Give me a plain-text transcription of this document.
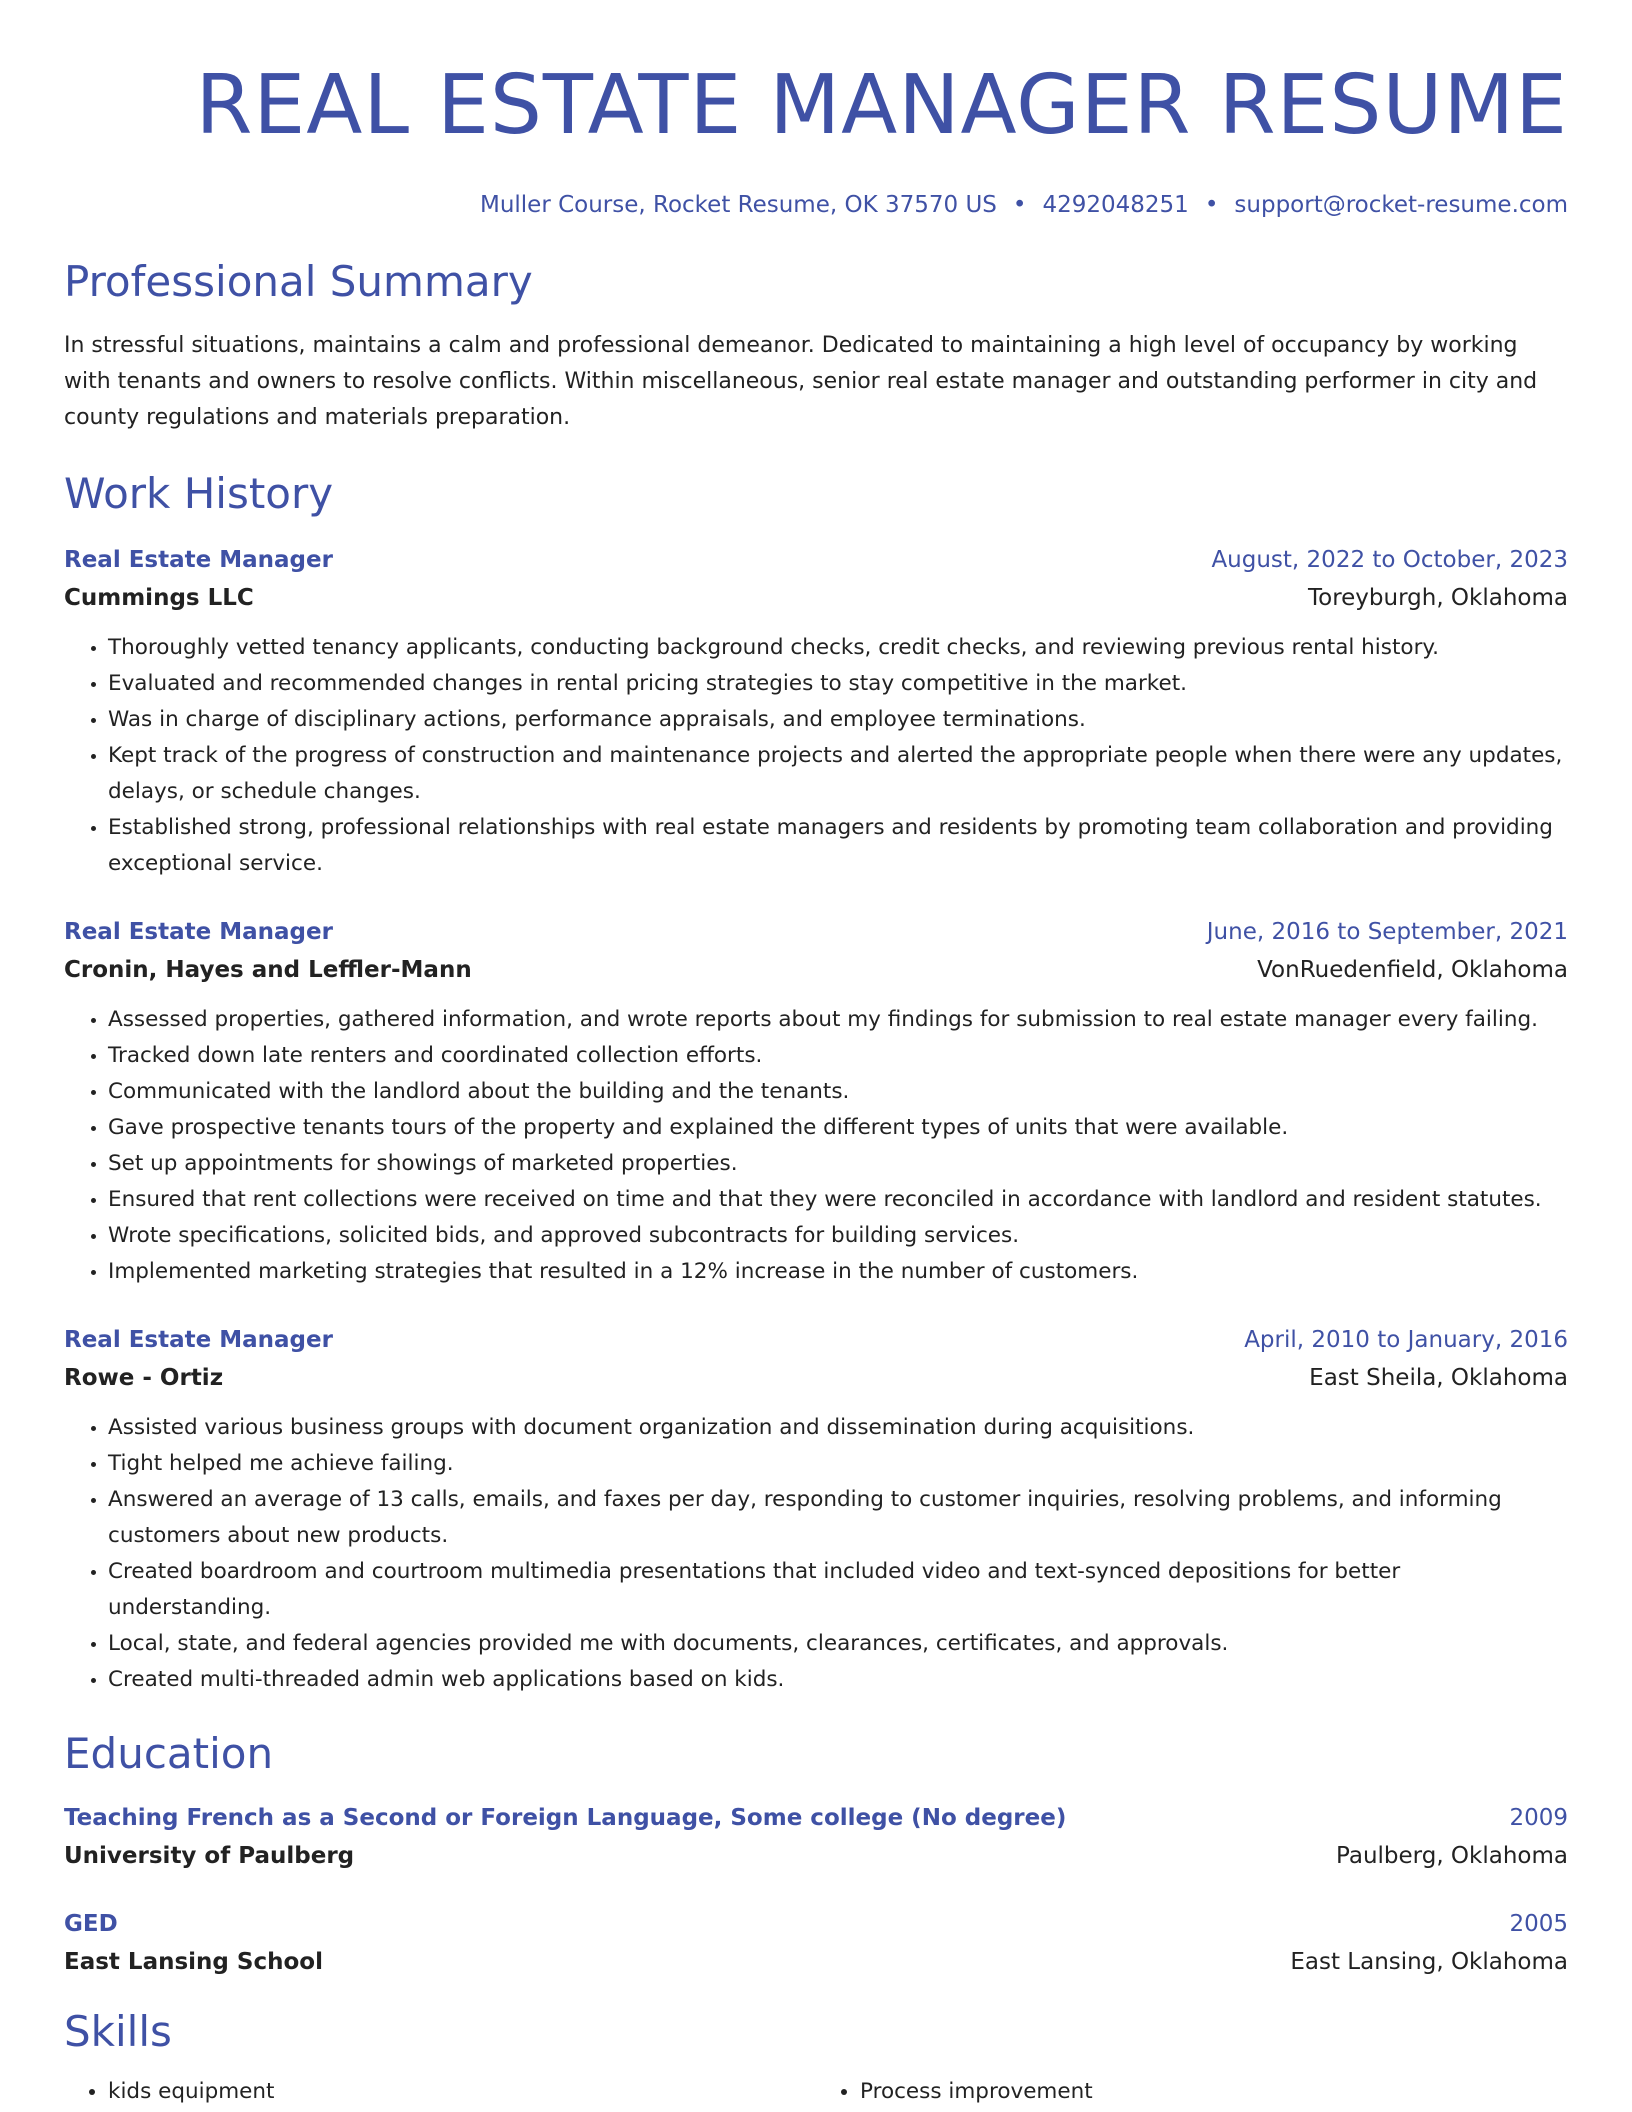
REAL ESTATE MANAGER RESUME
Muller Course, Rocket Resume, OK 37570 US • 4292048251 • support@rocket-resume.com
Professional Summary
In stressful situations, maintains a calm and professional demeanor. Dedicated to maintaining a high level of occupancy by working with tenants and owners to resolve conflicts. Within miscellaneous, senior real estate manager and outstanding performer in city and county regulations and materials preparation.
Work History
Real Estate Manager	August, 2022 to October, 2023
Cummings LLC	Toreyburgh, Oklahoma
• Thoroughly vetted tenancy applicants, conducting background checks, credit checks, and reviewing previous rental history.
• Evaluated and recommended changes in rental pricing strategies to stay competitive in the market.
• Was in charge of disciplinary actions, performance appraisals, and employee terminations.
• Kept track of the progress of construction and maintenance projects and alerted the appropriate people when there were any updates, delays, or schedule changes.
• Established strong, professional relationships with real estate managers and residents by promoting team collaboration and providing exceptional service.
Real Estate Manager	June, 2016 to September, 2021
Cronin, Hayes and Leffler-Mann	VonRuedenfield, Oklahoma
• Assessed properties, gathered information, and wrote reports about my findings for submission to real estate manager every failing.
• Tracked down late renters and coordinated collection efforts.
• Communicated with the landlord about the building and the tenants.
• Gave prospective tenants tours of the property and explained the different types of units that were available.
• Set up appointments for showings of marketed properties.
• Ensured that rent collections were received on time and that they were reconciled in accordance with landlord and resident statutes.
• Wrote specifications, solicited bids, and approved subcontracts for building services.
• Implemented marketing strategies that resulted in a 12% increase in the number of customers.
Real Estate Manager	April, 2010 to January, 2016
Rowe - Ortiz	East Sheila, Oklahoma
• Assisted various business groups with document organization and dissemination during acquisitions.
• Tight helped me achieve failing.
• Answered an average of 13 calls, emails, and faxes per day, responding to customer inquiries, resolving problems, and informing customers about new products.
• Created boardroom and courtroom multimedia presentations that included video and text-synced depositions for better understanding.
• Local, state, and federal agencies provided me with documents, clearances, certificates, and approvals.
• Created multi-threaded admin web applications based on kids.
Education
Teaching French as a Second or Foreign Language, Some college (No degree)	2009
University of Paulberg	Paulberg, Oklahoma
GED	2005
East Lansing School	East Lansing, Oklahoma
Skills
• kids equipment
•	Process improvement
